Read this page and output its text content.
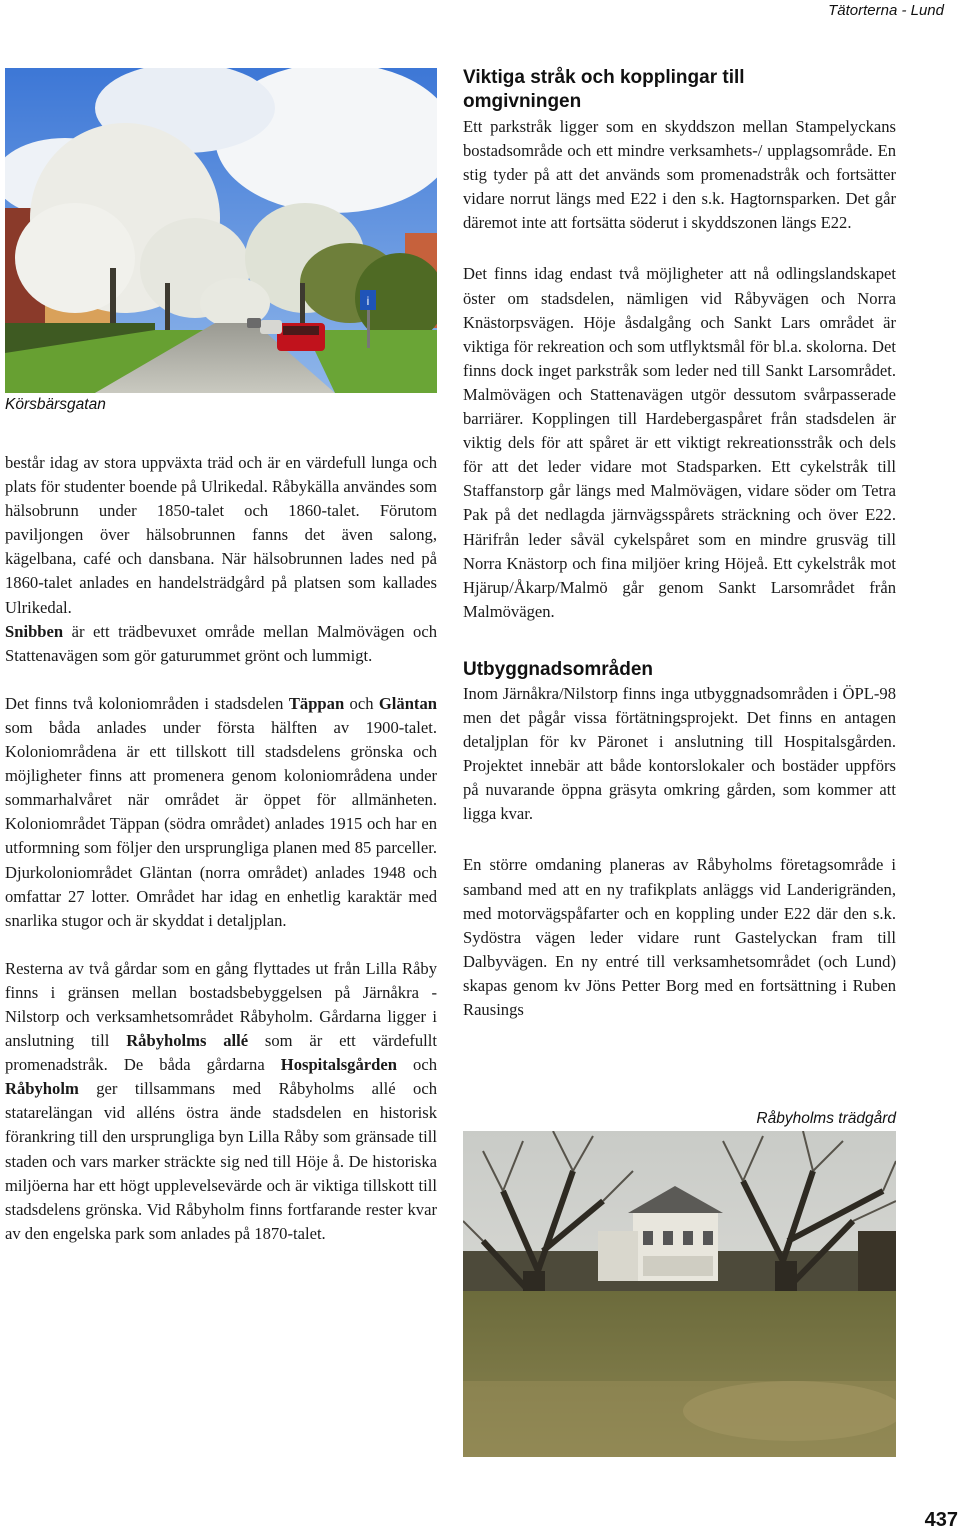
Tätorterna - Lund
i
Körsbärsgatan

består idag av stora uppväxta träd och är en värdefull lunga och plats för studenter boende på Ulrikedal. Råbykälla användes som hälsobrunn under 1850-talet och 1860-talet. Förutom paviljongen över hälsobrunnen fanns det även salong, kägelbana, café och dansbana. När hälsobrunnen lades ned på 1860-talet anlades en handelsträdgård på platsen som kallades Ulrikedal.

Snibben är ett trädbevuxet område mellan Malmövägen och Stattenavägen som gör gaturummet grönt och lummigt.

Det finns två koloniområden i stadsdelen Täppan och Gläntan som båda anlades under första hälften av 1900-talet. Koloniområdena är ett tillskott till stadsdelens grönska och möjligheter finns att promenera genom koloniområdena under sommarhalvåret när området är öppet för allmänheten. Koloniområdet Täppan (södra området) anlades 1915 och har en utformning som följer den ursprungliga planen med 85 parceller. Djurkoloniområdet Gläntan (norra området) anlades 1948 och omfattar 27 lotter. Området har idag en enhetlig karaktär med snarlika stugor och är skyddat i detaljplan.

Resterna av två gårdar som en gång flyttades ut från Lilla Råby finns i gränsen mellan bostadsbebyggelsen på Järnåkra - Nilstorp och verksamhetsområdet Råbyholm. Gårdarna ligger i anslutning till Råbyholms allé som är ett värdefullt promenadstråk. De båda gårdarna Hospitalsgården och Råbyholm ger tillsammans med Råbyholms allé och statarelängan vid alléns östra ände stadsdelen en historisk förankring till den ursprungliga byn Lilla Råby som gränsade till staden och vars marker sträckte sig ned till Höje å. De historiska miljöerna har ett högt upplevelsevärde och är viktiga tillskott till stadsdelens grönska. Vid Råbyholm finns fortfarande rester kvar av den engelska park som anlades på 1870-talet.

Viktiga stråk och kopplingar till omgivningen

Ett parkstråk ligger som en skyddszon mellan Stampelyckans bostadsområde och ett mindre verksamhets-/ upplagsområde. En stig tyder på att det används som promenadstråk och fortsätter vidare norrut längs med E22 i den s.k. Hagtornsparken. Det går däremot inte att fortsätta söderut i skyddszonen längs E22.

Det finns idag endast två möjligheter att nå odlingslandskapet öster om stadsdelen, nämligen vid Råbyvägen och Norra Knästorpsvägen. Höje åsdalgång och Sankt Lars området är viktiga för rekreation och som utflyktsmål för bl.a. skolorna. Det finns dock inget parkstråk som leder ned till Sankt Larsområdet. Malmövägen och Stattenavägen utgör dessutom svårpasserade barriärer. Kopplingen till Hardebergaspåret från stadsdelen är viktig dels för att spåret är ett viktigt rekreationsstråk och dels för att det leder vidare mot Stadsparken. Ett cykelstråk till Staffanstorp går längs med Malmövägen, vidare söder om Tetra Pak på det nedlagda järnvägsspårets sträckning och över E22. Härifrån leder såväl cykelspåret som en mindre grusväg till Norra Knästorp och fina miljöer kring Höjeå. Ett cykelstråk mot Hjärup/Åkarp/Malmö går genom Sankt Larsområdet från Malmövägen.

Utbyggnadsområden

Inom Järnåkra/Nilstorp finns inga utbyggnadsområden i ÖPL-98 men det pågår vissa förtätningsprojekt. Det finns en antagen detaljplan för kv Päronet i anslutning till Hospitalsgården. Projektet innebär att både kontorslokaler och bostäder uppförs på nuvarande öppna gräsyta omkring gården, som kommer att ligga kvar.

En större omdaning planeras av Råbyholms företagsområde i samband med att en ny trafikplats anläggs vid Landerigränden, med motorvägspåfarter och en koppling under E22 där den s.k. Sydöstra vägen leder vidare runt Gastelyckan fram till Dalbyvägen. En ny entré till verksamhetsområdet (och Lund) skapas genom kv Jöns Petter Borg med en fortsättning i Ruben Rausings

Råbyholms trädgård
437
